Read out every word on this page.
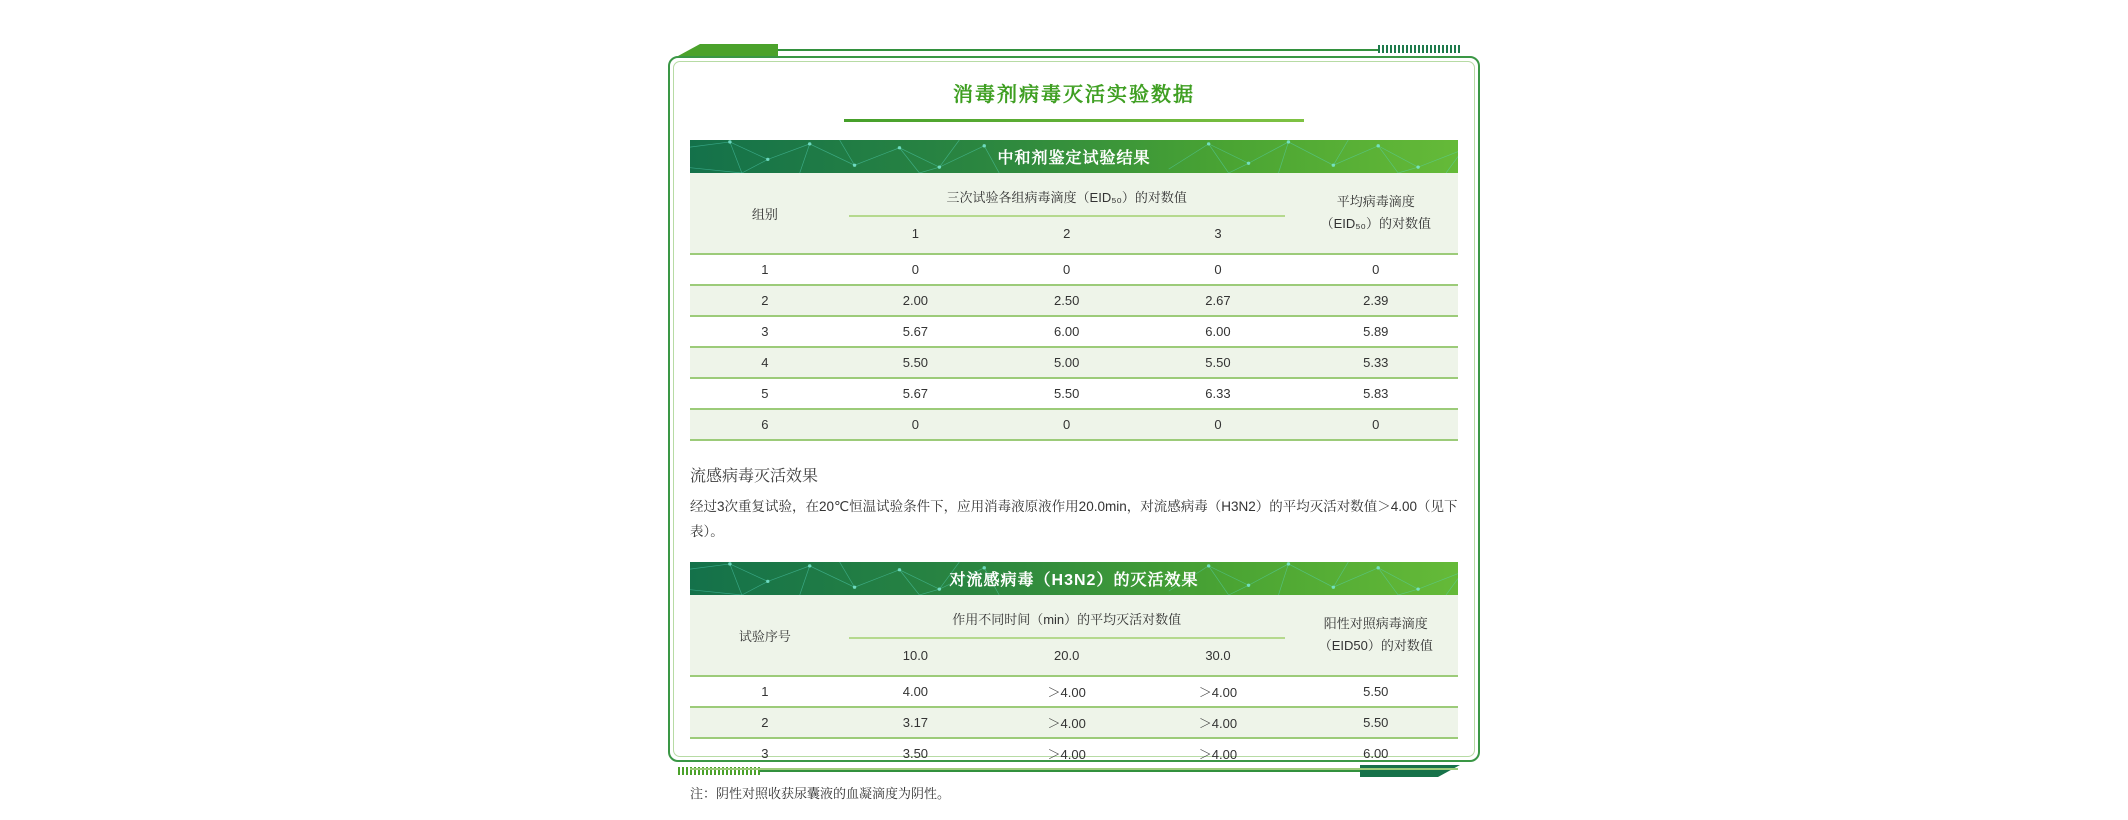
消毒剂病毒灭活实验数据
中和剂鉴定试验结果
组别
三次试验各组病毒滴度（EID₅₀）的对数值
1	2	3
平均病毒滴度
（EID₅₀）的对数值
1	0	0	0	0
2	2.00	2.50	2.67	2.39
3	5.67	6.00	6.00	5.89
4	5.50	5.00	5.50	5.33
5	5.67	5.50	6.33	5.83
6	0	0	0	0
流感病毒灭活效果
经过3次重复试验，在20℃恒温试验条件下，应用消毒液原液作用20.0min，对流感病毒（H3N2）的平均灭活对数值＞4.00（见下表）。
对流感病毒（H3N2）的灭活效果
试验序号
作用不同时间（min）的平均灭活对数值
10.0	20.0	30.0
阳性对照病毒滴度
（EID50）的对数值
1	4.00	＞4.00	＞4.00	5.50
2	3.17	＞4.00	＞4.00	5.50
3	3.50	＞4.00	＞4.00	6.00
注：阴性对照收获尿囊液的血凝滴度为阴性。
